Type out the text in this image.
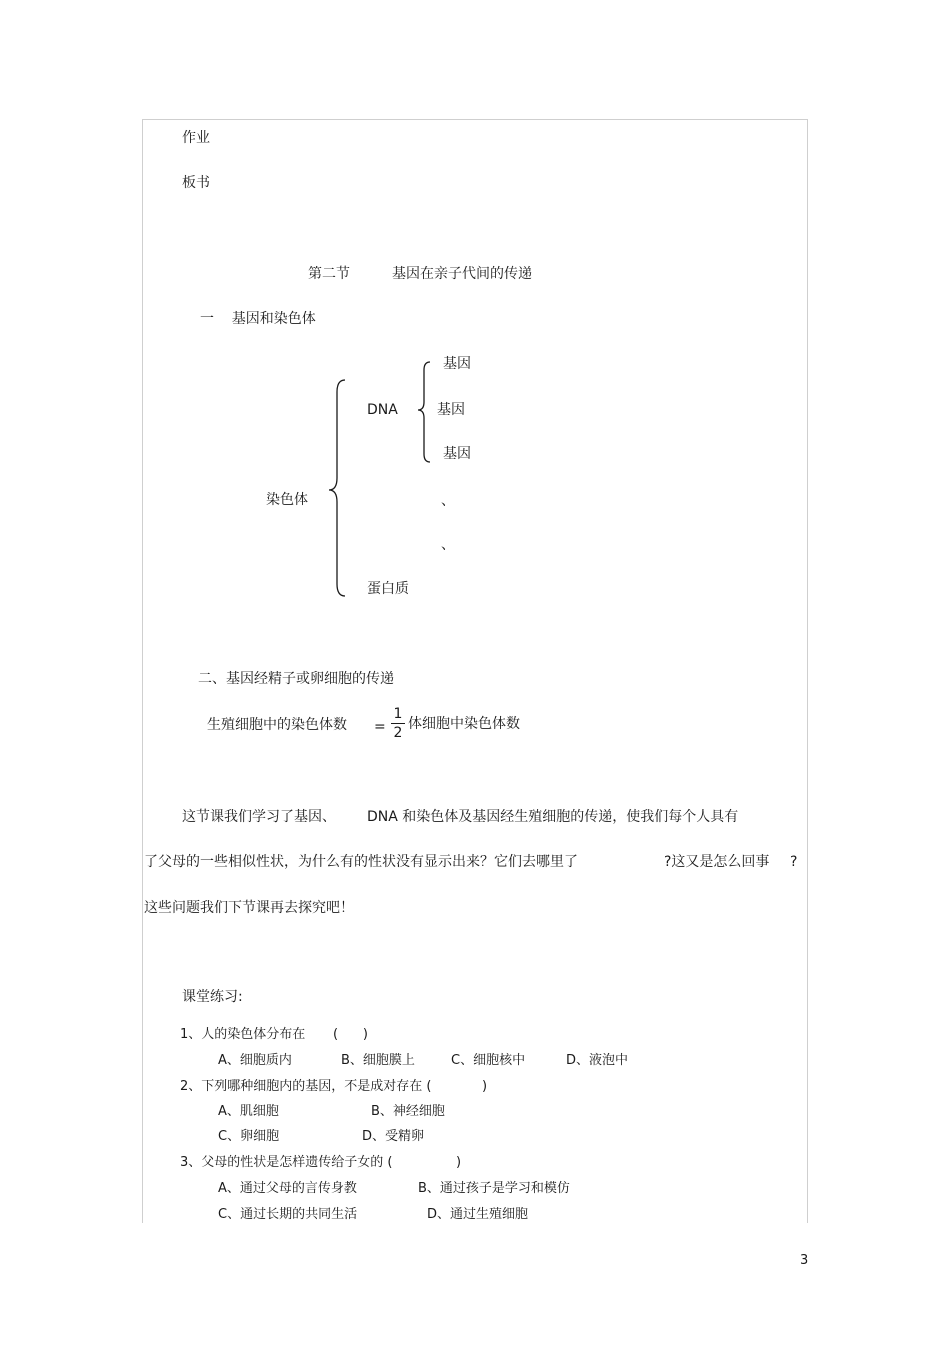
作业
板书
第二节	基因在亲子代间的传递
一    基因和染色体
染色体
DNA
基因
基因
基因
、
、
蛋白质
二、基因经精子或卵细胞的传递
生殖细胞中的染色体数 =
1
2
体细胞中染色体数
这节课我们学习了基因、 DNA 和染色体及基因经生殖细胞的传递，使我们每个人具有
了父母的一些相似性状，为什么有的性状没有显示出来？它们去哪里了	?这又是怎么回事 ?
这些问题我们下节课再去探究吧！
课堂练习:
1、人的染色体分布在 (      )
A、细胞质内	B、细胞膜上	C、细胞核中	D、液泡中
2、下列哪种细胞内的基因，不是成对存在 (	)
A、肌细胞	B、神经细胞
C、卵细胞	D、受精卵
3、父母的性状是怎样遗传给子女的 (	)
A、通过父母的言传身教	B、通过孩子是学习和模仿
C、通过长期的共同生活	D、通过生殖细胞
3
